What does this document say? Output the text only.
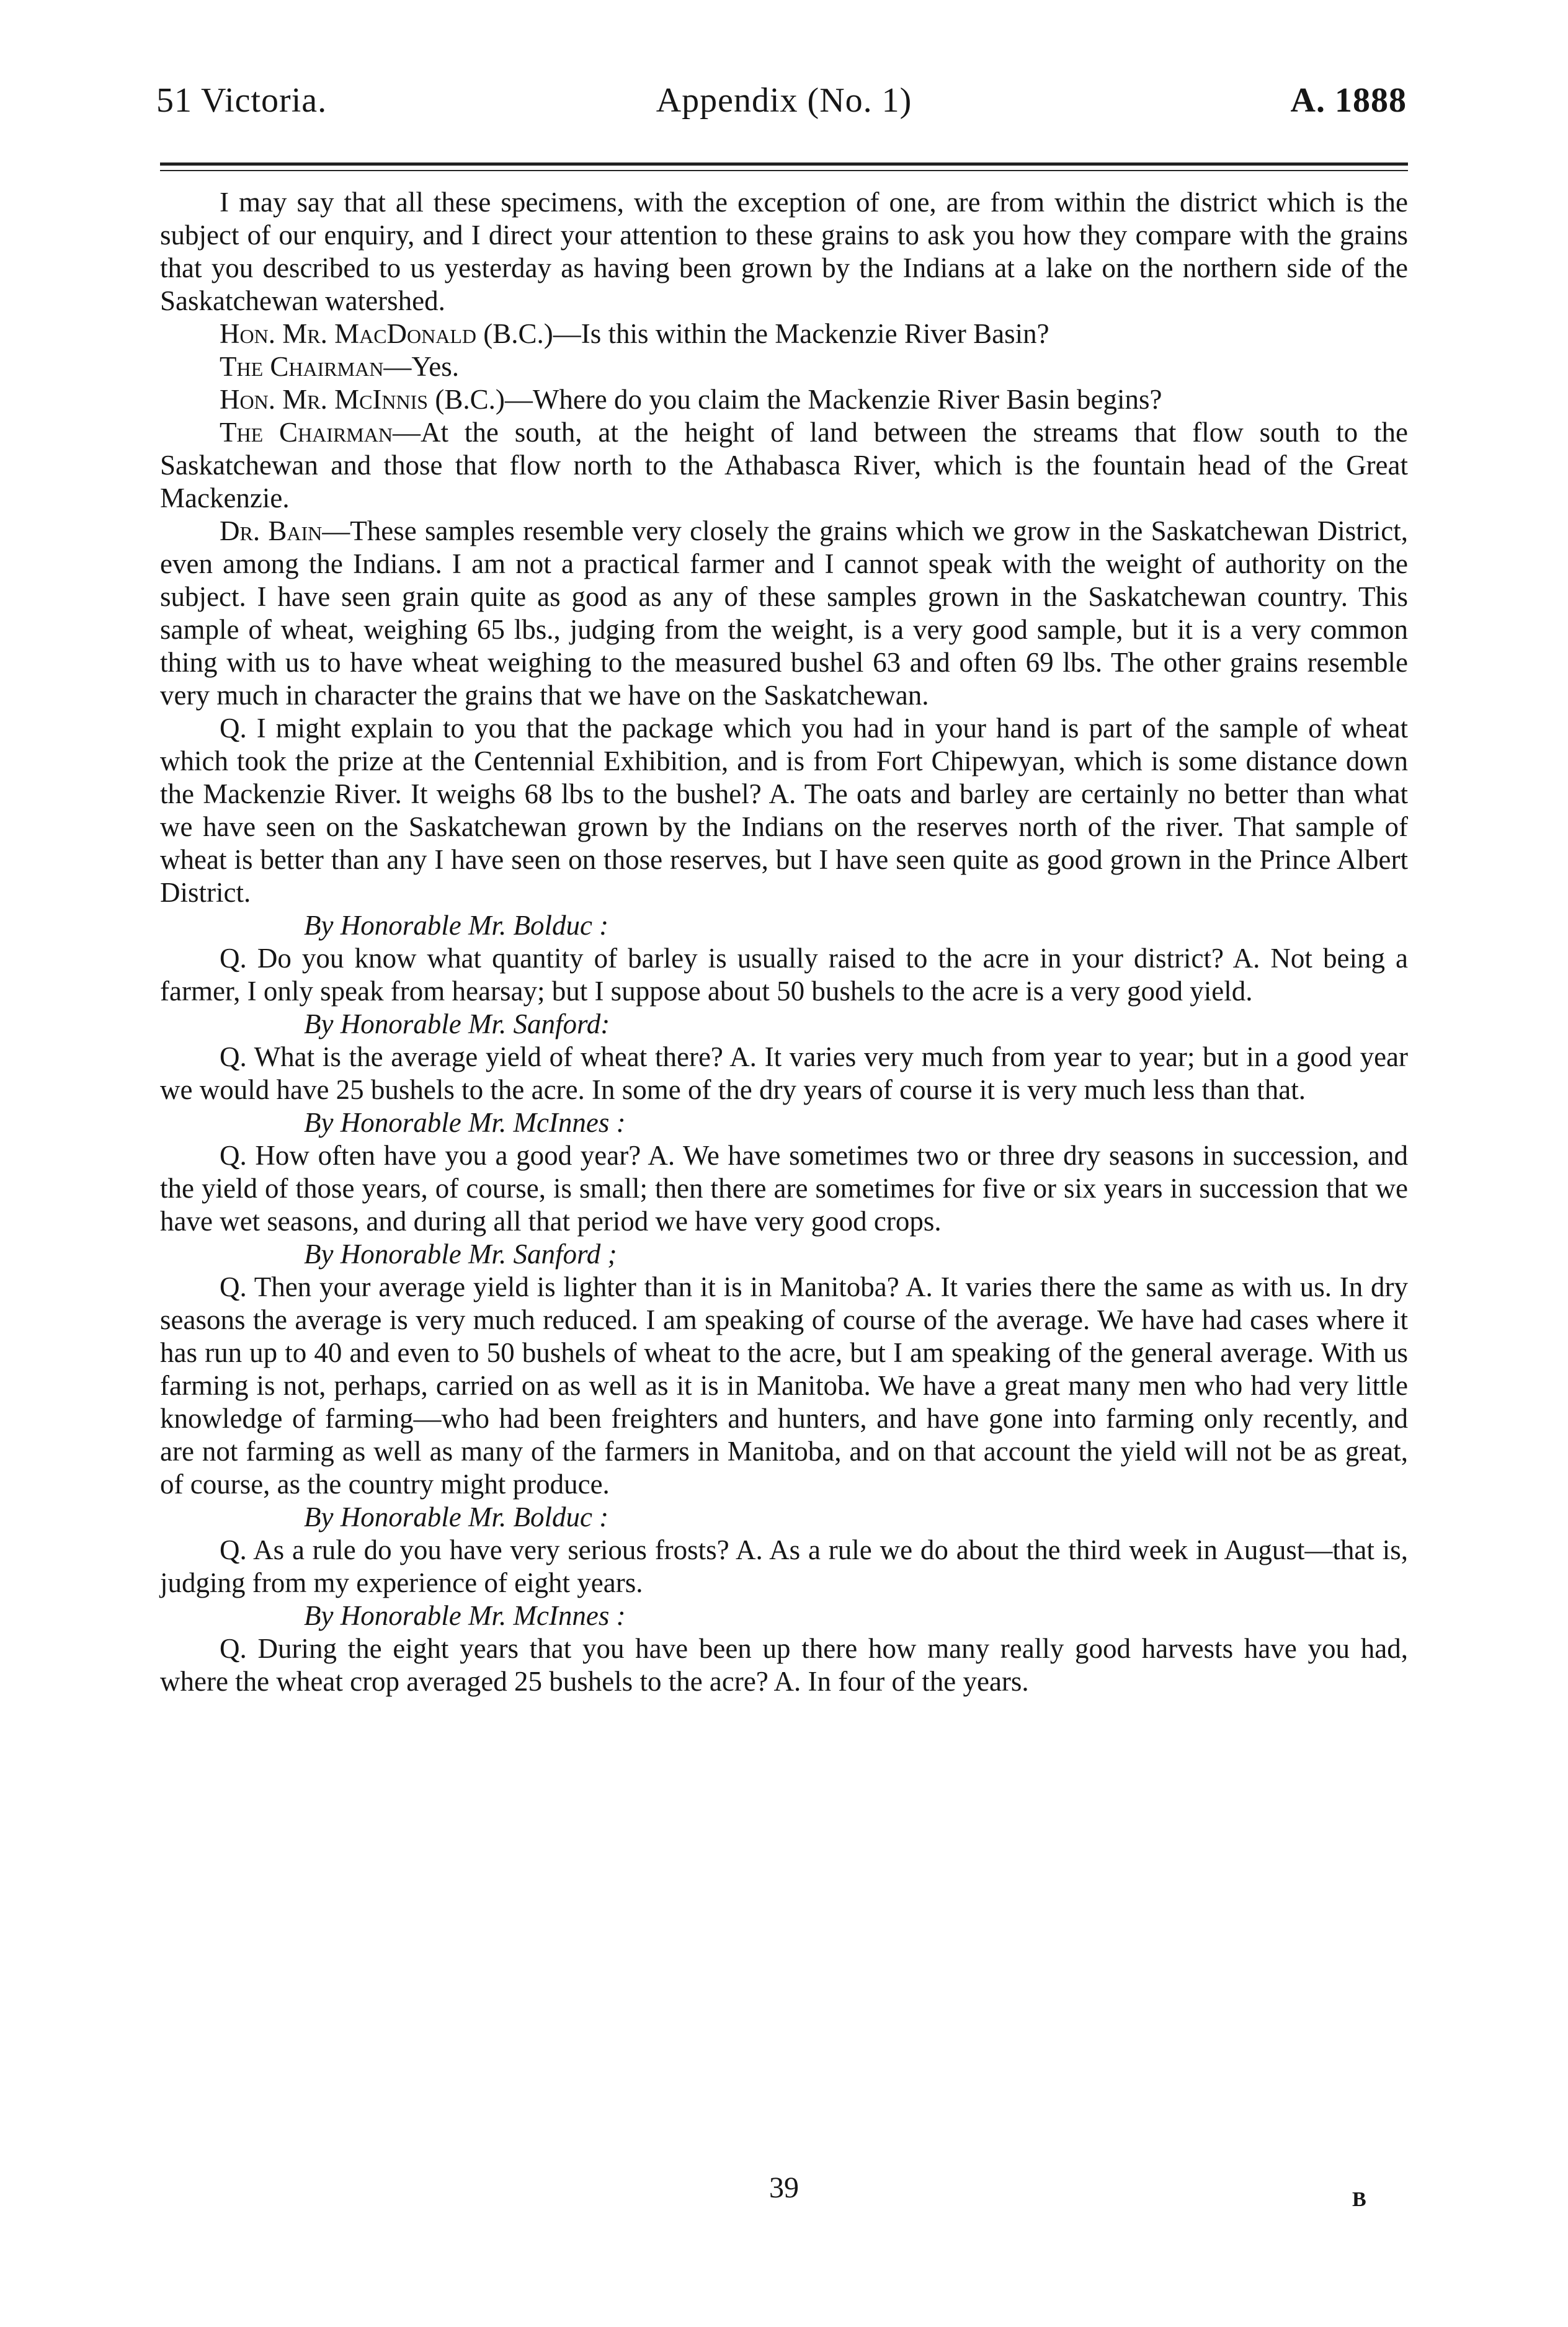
51 Victoria.	Appendix (No. 1)	A. 1888

I may say that all these specimens, with the exception of one, are from within the district which is the subject of our enquiry, and I direct your attention to these grains to ask you how they compare with the grains that you described to us yesterday as having been grown by the Indians at a lake on the northern side of the Saskatchewan watershed.

Hon. Mr. MacDonald (B.C.)—Is this within the Mackenzie River Basin?

The Chairman—Yes.

Hon. Mr. McInnis (B.C.)—Where do you claim the Mackenzie River Basin begins?

The Chairman—At the south, at the height of land between the streams that flow south to the Saskatchewan and those that flow north to the Athabasca River, which is the fountain head of the Great Mackenzie.

Dr. Bain—These samples resemble very closely the grains which we grow in the Saskatchewan District, even among the Indians. I am not a practical farmer and I cannot speak with the weight of authority on the subject. I have seen grain quite as good as any of these samples grown in the Saskatchewan country. This sample of wheat, weighing 65 lbs., judging from the weight, is a very good sample, but it is a very common thing with us to have wheat weighing to the measured bushel 63 and often 69 lbs. The other grains resemble very much in character the grains that we have on the Saskatchewan.

Q. I might explain to you that the package which you had in your hand is part of the sample of wheat which took the prize at the Centennial Exhibition, and is from Fort Chipewyan, which is some distance down the Mackenzie River. It weighs 68 lbs to the bushel? A. The oats and barley are certainly no better than what we have seen on the Saskatchewan grown by the Indians on the reserves north of the river. That sample of wheat is better than any I have seen on those reserves, but I have seen quite as good grown in the Prince Albert District.

By Honorable Mr. Bolduc :

Q. Do you know what quantity of barley is usually raised to the acre in your district? A. Not being a farmer, I only speak from hearsay; but I suppose about 50 bushels to the acre is a very good yield.

By Honorable Mr. Sanford:

Q. What is the average yield of wheat there? A. It varies very much from year to year; but in a good year we would have 25 bushels to the acre. In some of the dry years of course it is very much less than that.

By Honorable Mr. McInnes :

Q. How often have you a good year? A. We have sometimes two or three dry seasons in succession, and the yield of those years, of course, is small; then there are sometimes for five or six years in succession that we have wet seasons, and during all that period we have very good crops.

By Honorable Mr. Sanford ;

Q. Then your average yield is lighter than it is in Manitoba? A. It varies there the same as with us. In dry seasons the average is very much reduced. I am speaking of course of the average. We have had cases where it has run up to 40 and even to 50 bushels of wheat to the acre, but I am speaking of the general average. With us farming is not, perhaps, carried on as well as it is in Manitoba. We have a great many men who had very little knowledge of farming—who had been freighters and hunters, and have gone into farming only recently, and are not farming as well as many of the farmers in Manitoba, and on that account the yield will not be as great, of course, as the country might produce.

By Honorable Mr. Bolduc :

Q. As a rule do you have very serious frosts? A. As a rule we do about the third week in August—that is, judging from my experience of eight years.

By Honorable Mr. McInnes :

Q. During the eight years that you have been up there how many really good harvests have you had, where the wheat crop averaged 25 bushels to the acre? A. In four of the years.

39	B
